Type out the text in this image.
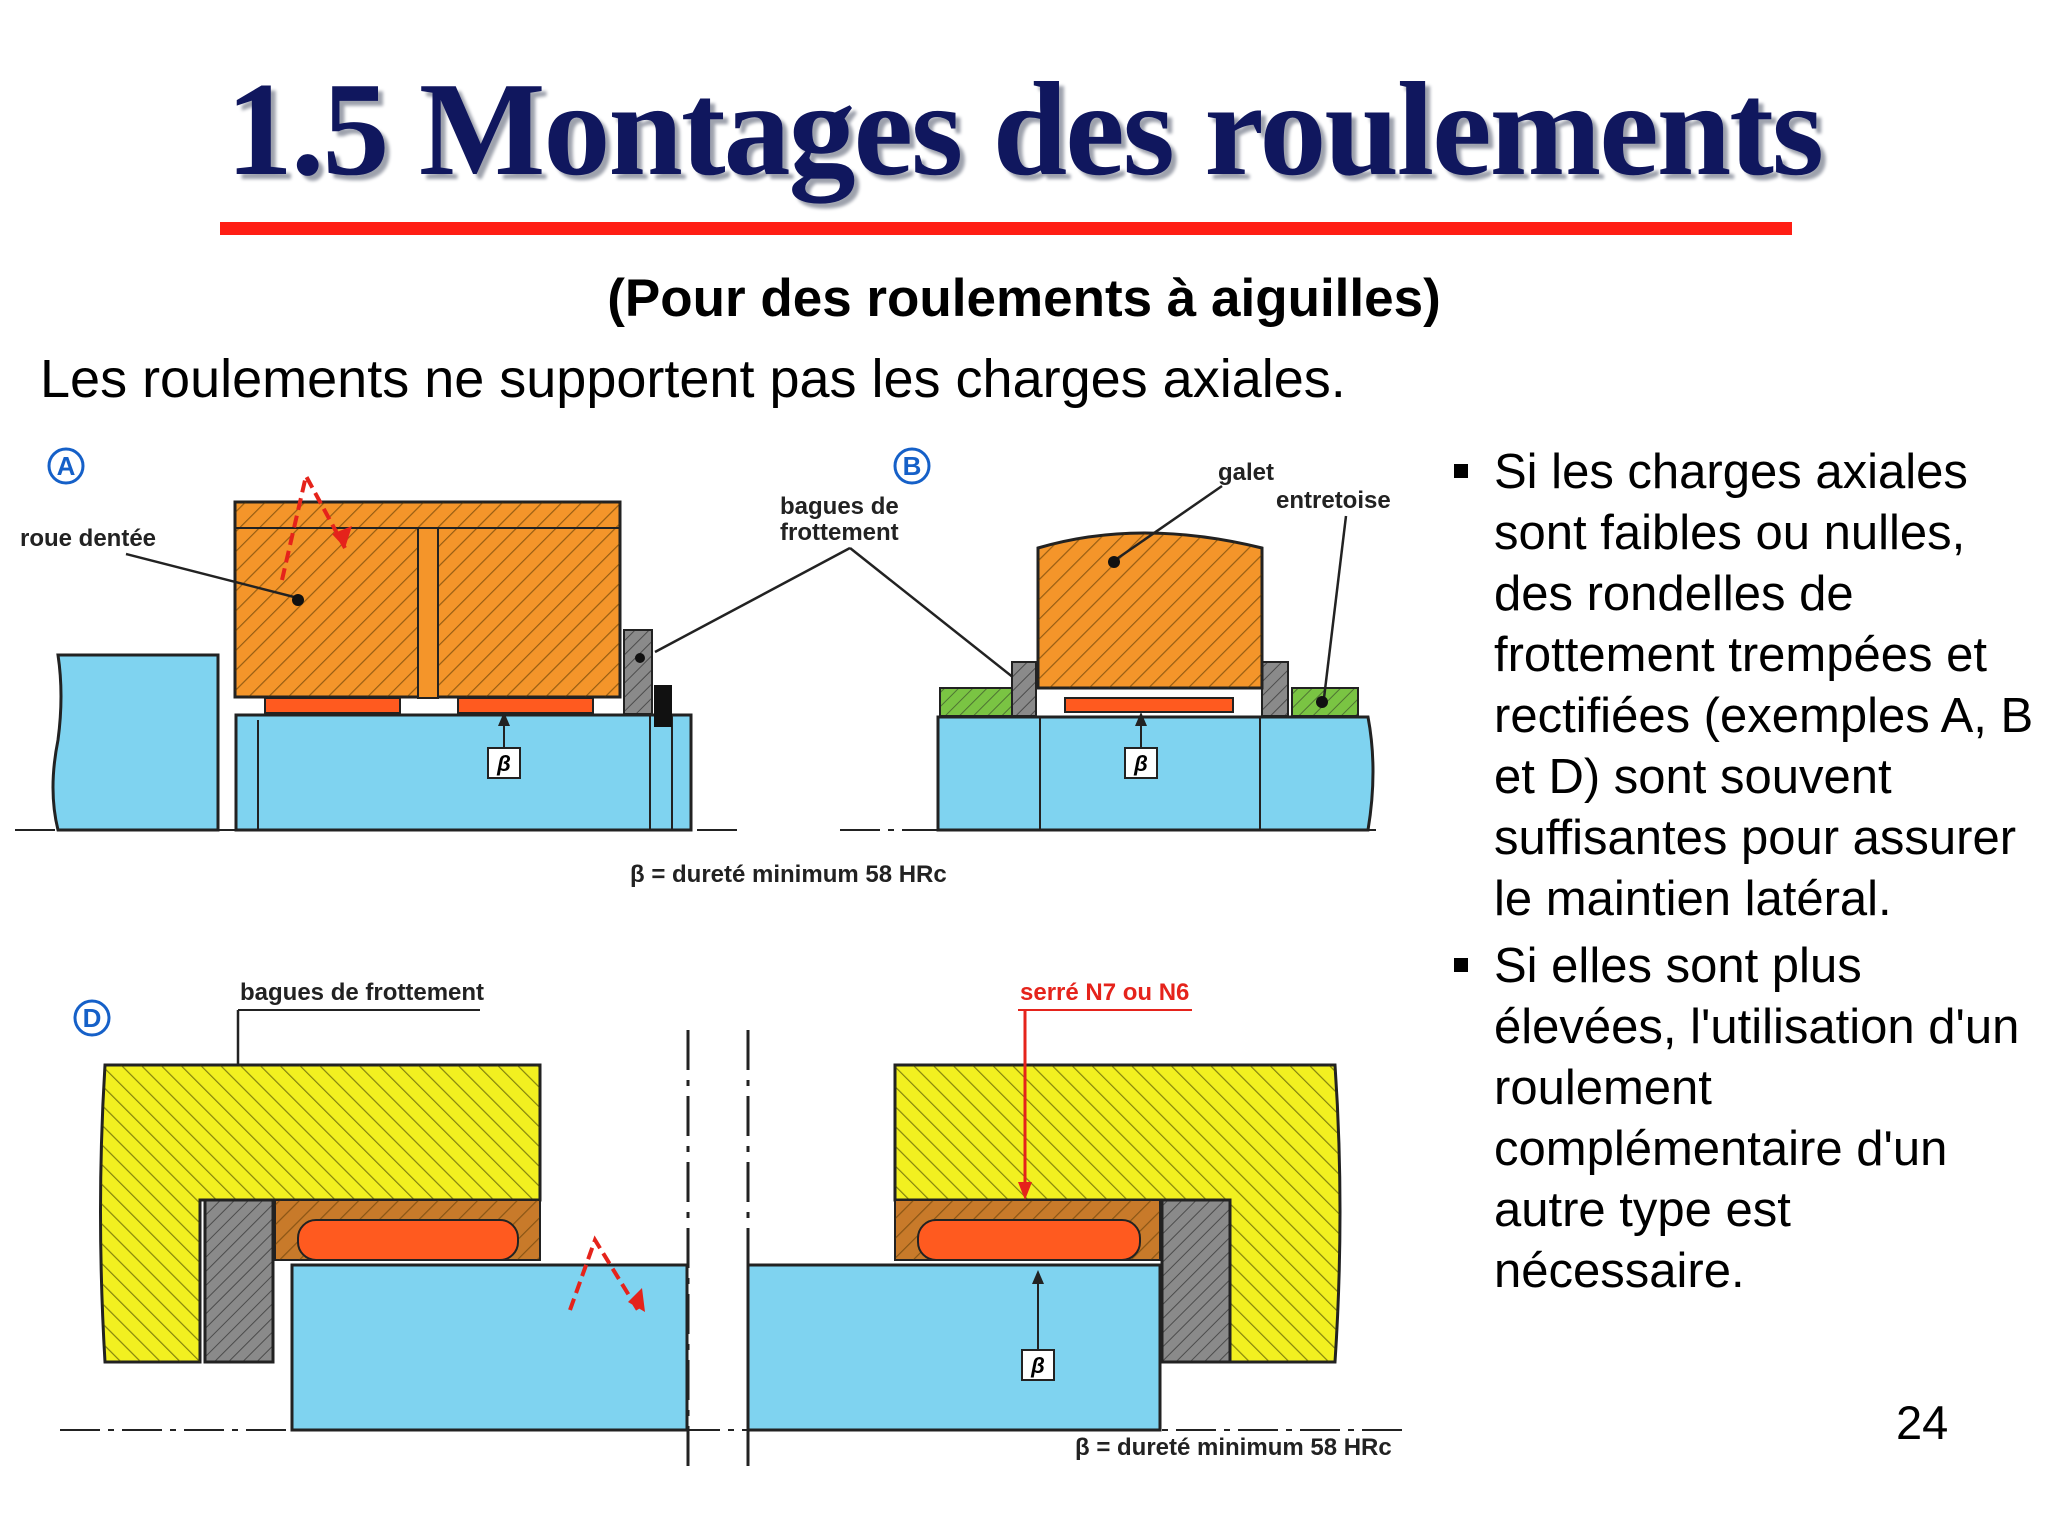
1.5 Montages des roulements
(Pour des roulements à aiguilles)
Les roulements ne supportent pas les charges axiales.
A
roue dentée
β
bagues de
frottement
B	galet
entretoise
β
β = dureté minimum 58 HRc
D
bagues de frottement	serré N7 ou N6
β
β = dureté minimum 58 HRc
Si les charges axiales sont faibles ou nulles, des rondelles de frottement trempées et rectifiées (exemples A, B et D) sont souvent suffisantes pour assurer le maintien latéral.
Si elles sont plus élevées, l'utilisation d'un roulement complémentaire d'un autre type est nécessaire.
24
